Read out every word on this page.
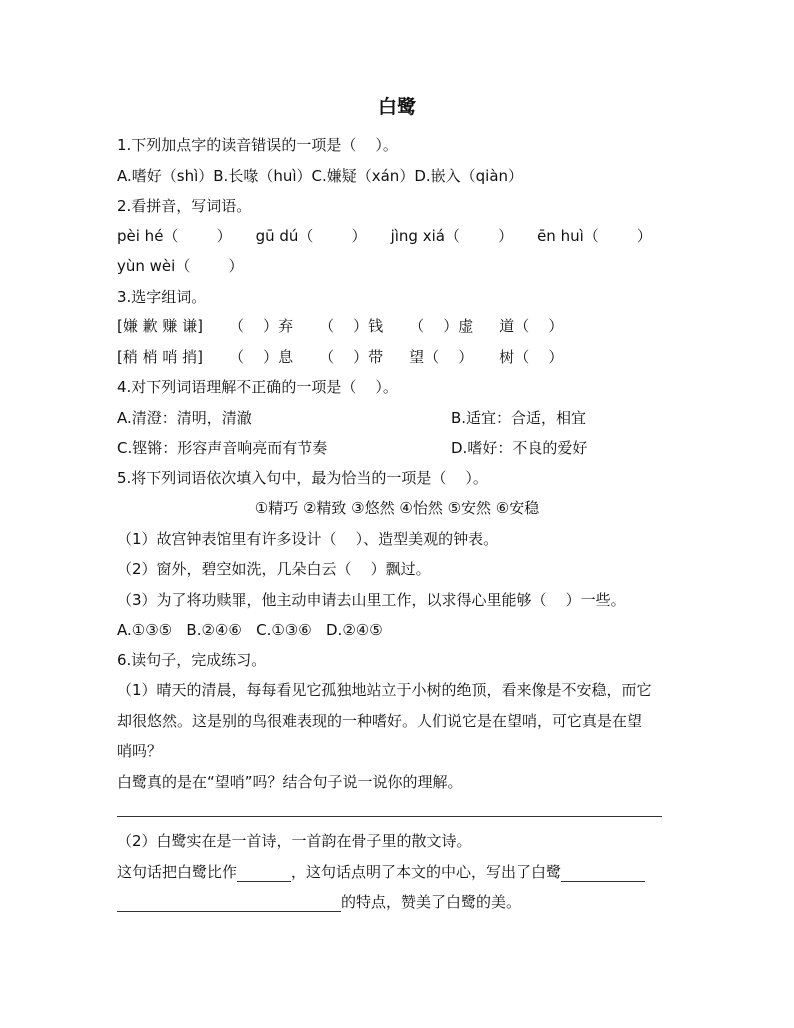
白鹭
1.下列加点字的读音错误的一项是（    ）。
A.嗜好（shì）B.长喙（huì）C.嫌疑（xán）D.嵌入（qiàn）
2.看拼音，写词语。
pèi hé（        ） gū dú（        ） jìng xiá（        ） ēn huì（        ）
yùn wèi（        ）
3.选字组词。
[嫌 歉 赚 谦] （    ）弃 （    ）钱 （    ）虚 道（    ）
[稍 梢 哨 捎] （    ）息 （    ）带 望（    ） 树（    ）
4.对下列词语理解不正确的一项是（    ）。
A.清澄：清明，清澈	B.适宜：合适，相宜
C.铿锵：形容声音响亮而有节奏	D.嗜好：不良的爱好
5.将下列词语依次填入句中，最为恰当的一项是（    ）。
①精巧 ②精致 ③悠然 ④怡然 ⑤安然 ⑥安稳
（1）故宫钟表馆里有许多设计（    ）、造型美观的钟表。
（2）窗外，碧空如洗，几朵白云（    ）飘过。
（3）为了将功赎罪，他主动申请去山里工作，以求得心里能够（    ）一些。
A.①③⑤   B.②④⑥   C.①③⑥   D.②④⑤
6.读句子，完成练习。
（1）晴天的清晨，每每看见它孤独地站立于小树的绝顶，看来像是不安稳，而它
却很悠然。这是别的鸟很难表现的一种嗜好。人们说它是在望哨，可它真是在望
哨吗？
白鹭真的是在“望哨”吗？结合句子说一说你的理解。
（2）白鹭实在是一首诗，一首韵在骨子里的散文诗。
这句话把白鹭比作	，这句话点明了本文的中心，写出了白鹭
的特点，赞美了白鹭的美。
